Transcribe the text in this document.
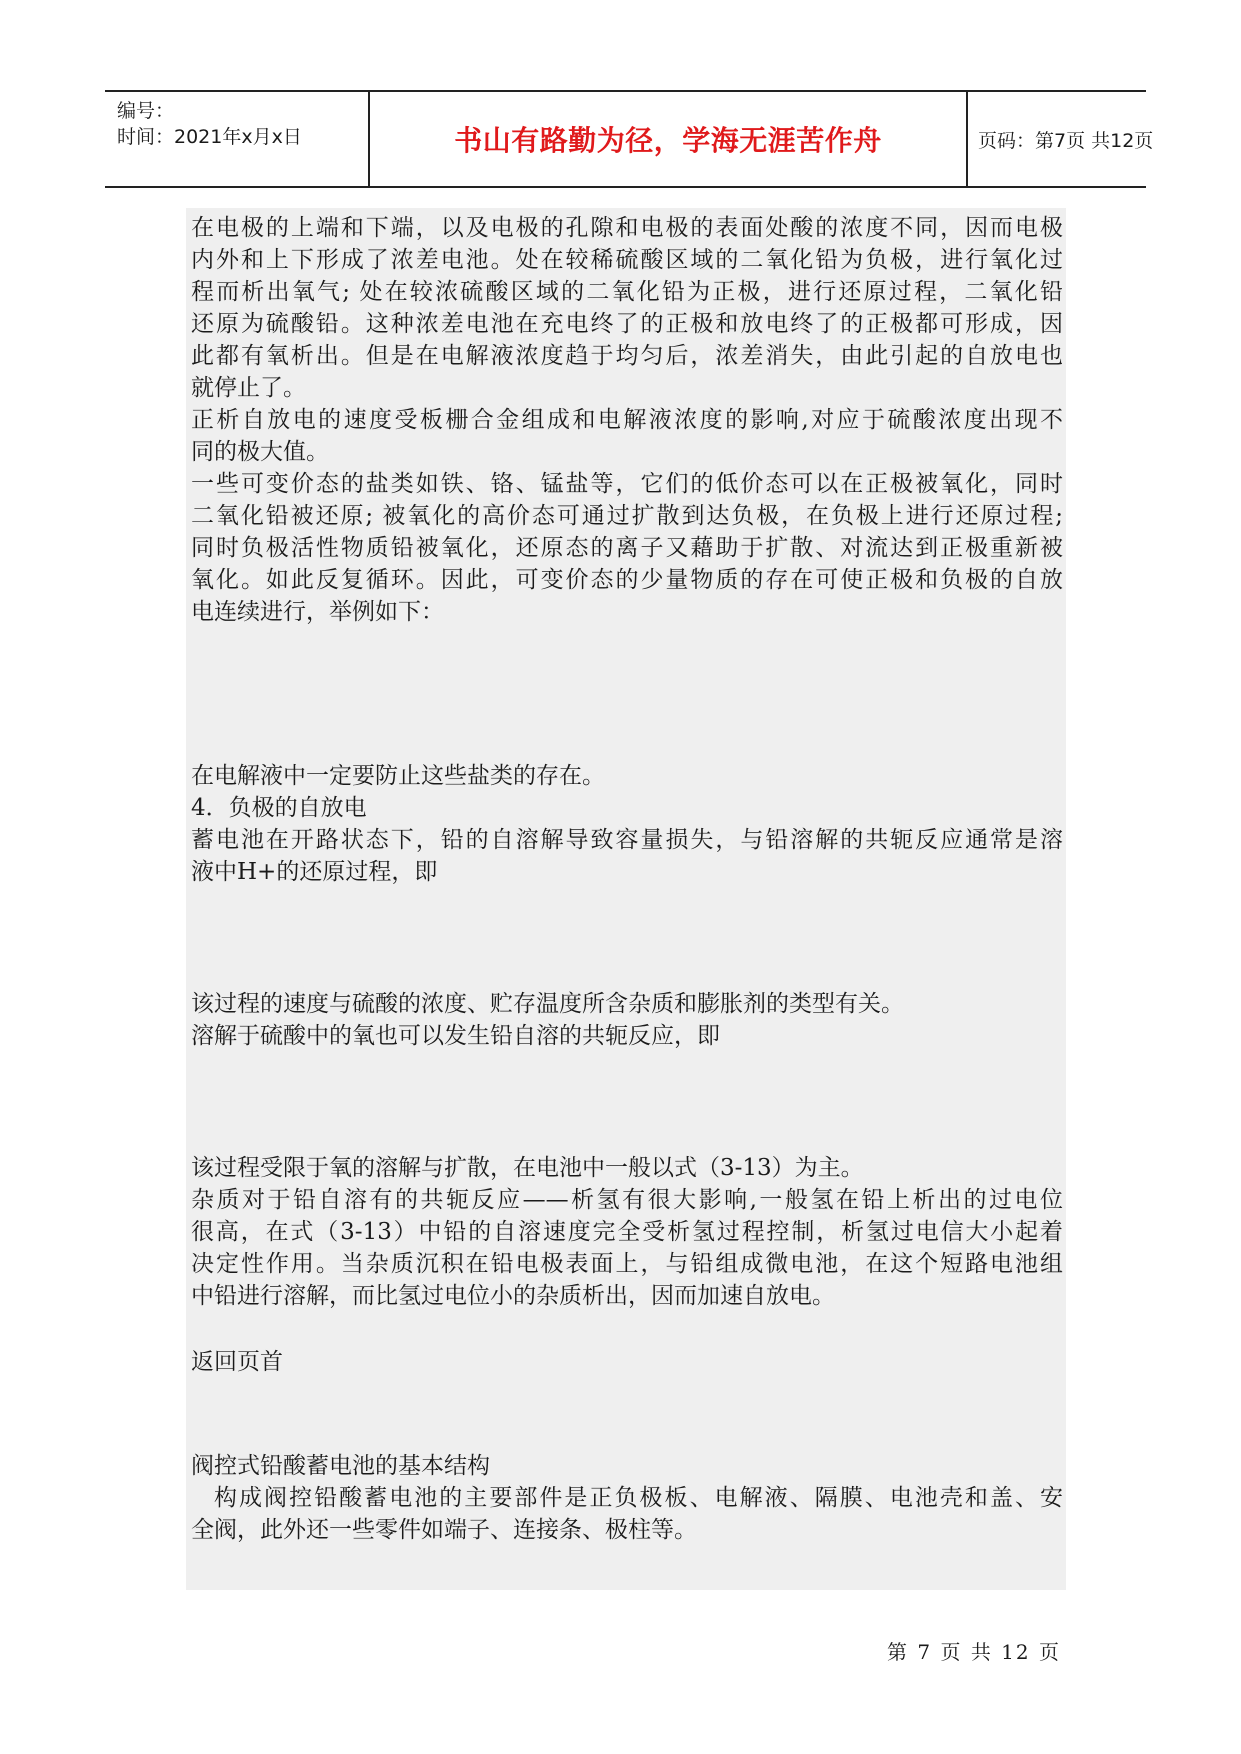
编号：
时间：2021年x月x日	书山有路勤为径，学海无涯苦作舟	页码：第7页 共12页
在电极的上端和下端，以及电极的孔隙和电极的表面处酸的浓度不同，因而电极
内外和上下形成了浓差电池。处在较稀硫酸区域的二氧化铅为负极，进行氧化过
程而析出氧气; 处在较浓硫酸区域的二氧化铅为正极，进行还原过程，二氧化铅
还原为硫酸铅。这种浓差电池在充电终了的正极和放电终了的正极都可形成，因
此都有氧析出。但是在电解液浓度趋于均匀后，浓差消失，由此引起的自放电也
就停止了。
正析自放电的速度受板栅合金组成和电解液浓度的影响,对应于硫酸浓度出现不
同的极大值。
一些可变价态的盐类如铁、铬、锰盐等，它们的低价态可以在正极被氧化，同时
二氧化铅被还原; 被氧化的高价态可通过扩散到达负极，在负极上进行还原过程;
同时负极活性物质铅被氧化，还原态的离子又藉助于扩散、对流达到正极重新被
氧化。如此反复循环。因此，可变价态的少量物质的存在可使正极和负极的自放
电连续进行，举例如下：
在电解液中一定要防止这些盐类的存在。
4．负极的自放电
蓄电池在开路状态下，铅的自溶解导致容量损失，与铅溶解的共轭反应通常是溶
液中H+的还原过程，即
该过程的速度与硫酸的浓度、贮存温度所含杂质和膨胀剂的类型有关。
溶解于硫酸中的氧也可以发生铅自溶的共轭反应，即
该过程受限于氧的溶解与扩散，在电池中一般以式（3-13）为主。
杂质对于铅自溶有的共轭反应——析氢有很大影响,一般氢在铅上析出的过电位
很高，在式（3-13）中铅的自溶速度完全受析氢过程控制，析氢过电信大小起着
决定性作用。当杂质沉积在铅电极表面上，与铅组成微电池，在这个短路电池组
中铅进行溶解，而比氢过电位小的杂质析出，因而加速自放电。
返回页首
阀控式铅酸蓄电池的基本结构
构成阀控铅酸蓄电池的主要部件是正负极板、电解液、隔膜、电池壳和盖、安
全阀，此外还一些零件如端子、连接条、极柱等。
第 7 页 共 12 页
